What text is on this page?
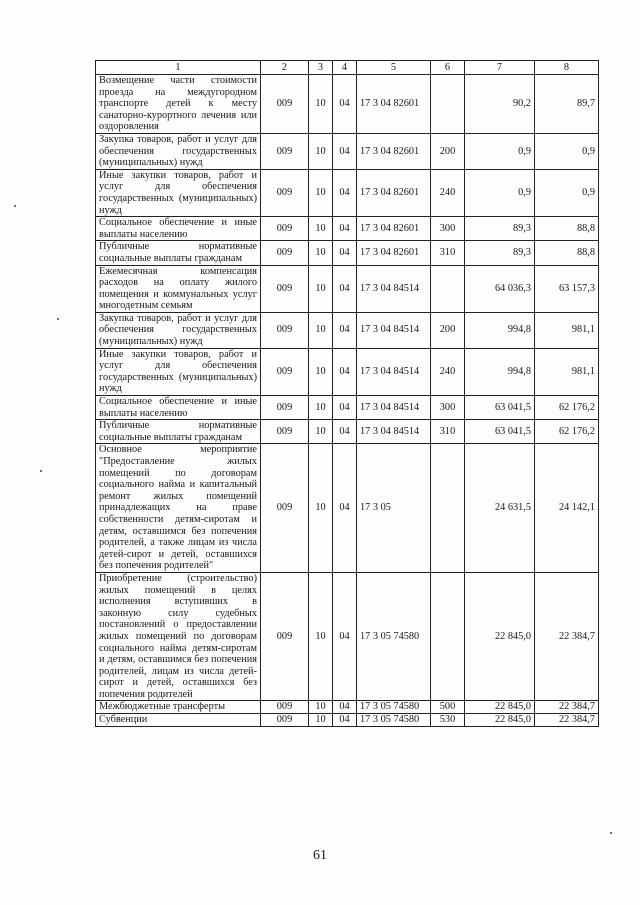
1	2	3	4	5	6	7	8
Возмещение части стоимости проезда на междугородном транспорте детей к месту санаторно-курортного лечения или оздоровления	009	10	04	17 3 04 82601		90,2	89,7
Закупка товаров, работ и услуг для обеспечения государственных (муниципальных) нужд	009	10	04	17 3 04 82601	200	0,9	0,9
Иные закупки товаров, работ и услуг для обеспечения государственных (муниципальных) нужд	009	10	04	17 3 04 82601	240	0,9	0,9
Социальное обеспечение и иные выплаты населению	009	10	04	17 3 04 82601	300	89,3	88,8
Публичные нормативные социальные выплаты гражданам	009	10	04	17 3 04 82601	310	89,3	88,8
Ежемесячная компенсация расходов на оплату жилого помещения и коммунальных услуг многодетным семьям	009	10	04	17 3 04 84514		64 036,3	63 157,3
Закупка товаров, работ и услуг для обеспечения государственных (муниципальных) нужд	009	10	04	17 3 04 84514	200	994,8	981,1
Иные закупки товаров, работ и услуг для обеспечения государственных (муниципальных) нужд	009	10	04	17 3 04 84514	240	994,8	981,1
Социальное обеспечение и иные выплаты населению	009	10	04	17 3 04 84514	300	63 041,5	62 176,2
Публичные нормативные социальные выплаты гражданам	009	10	04	17 3 04 84514	310	63 041,5	62 176,2
Основное мероприятие "Предоставление жилых помещений по договорам социального найма и капитальный ремонт жилых помещений принадлежащих на праве собственности детям-сиротам и детям, оставшимся без попечения родителей, а также лицам из числа детей-сирот и детей, оставшихся без попечения родителей"	009	10	04	17 3 05		24 631,5	24 142,1
Приобретение (строительство) жилых помещений в целях исполнения вступивших в законную силу судебных постановлений о предоставлении жилых помещений по договорам социального найма детям-сиротам и детям, оставшимся без попечения родителей, лицам из числа детей-сирот и детей, оставшихся без попечения родителей	009	10	04	17 3 05 74580		22 845,0	22 384,7
Межбюджетные трансферты	009	10	04	17 3 05 74580	500	22 845,0	22 384,7
Субвенции	009	10	04	17 3 05 74580	530	22 845,0	22 384,7
61
